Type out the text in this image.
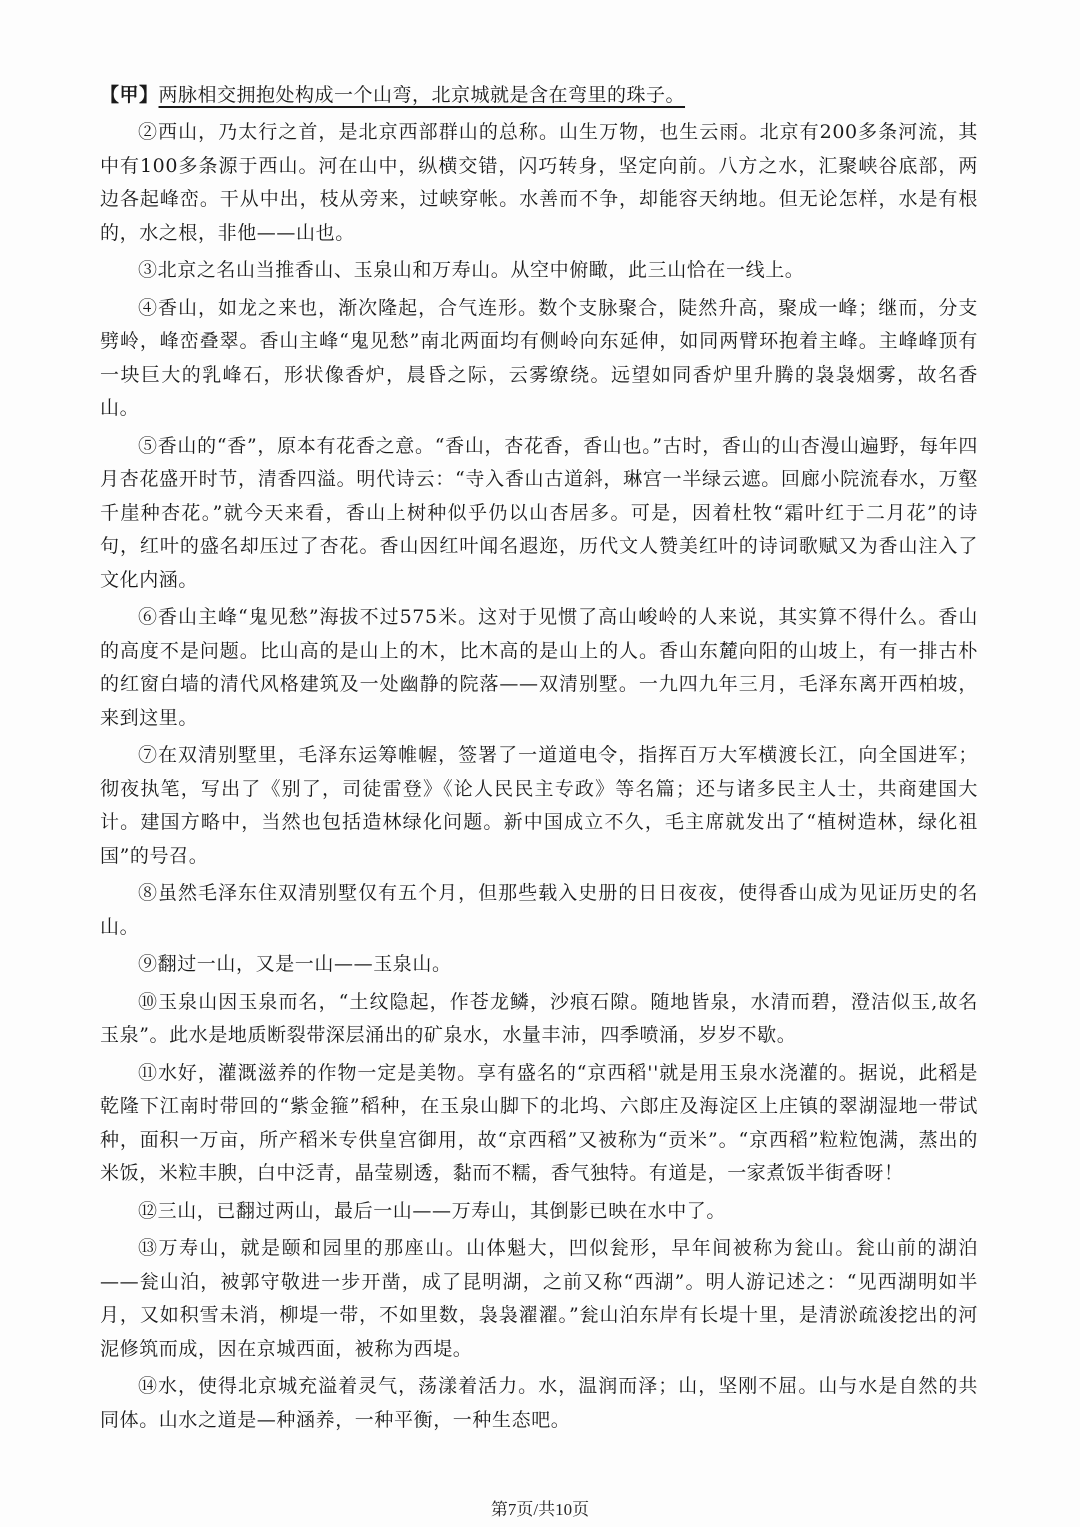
【甲】两脉相交拥抱处构成一个山弯，北京城就是含在弯里的珠子。

②西山，乃太行之首，是北京西部群山的总称。山生万物，也生云雨。北京有200多条河流，其中有100多条源于西山。河在山中，纵横交错，闪巧转身，坚定向前。八方之水，汇聚峡谷底部，两边各起峰峦。干从中出，枝从旁来，过峡穿帐。水善而不争，却能容天纳地。但无论怎样，水是有根的，水之根，非他——山也。

③北京之名山当推香山、玉泉山和万寿山。从空中俯瞰，此三山恰在一线上。

④香山，如龙之来也，渐次隆起，合气连形。数个支脉聚合，陡然升高，聚成一峰；继而，分支劈岭，峰峦叠翠。香山主峰“鬼见愁”南北两面均有侧岭向东延伸，如同两臂环抱着主峰。主峰峰顶有一块巨大的乳峰石，形状像香炉，晨昏之际，云雾缭绕。远望如同香炉里升腾的袅袅烟雾，故名香山。

⑤香山的“香”，原本有花香之意。“香山，杏花香，香山也。”古时，香山的山杏漫山遍野，每年四月杏花盛开时节，清香四溢。明代诗云：“寺入香山古道斜，琳宫一半绿云遮。回廊小院流春水，万壑千崖种杏花。”就今天来看，香山上树种似乎仍以山杏居多。可是，因着杜牧“霜叶红于二月花”的诗句，红叶的盛名却压过了杏花。香山因红叶闻名遐迩，历代文人赞美红叶的诗词歌赋又为香山注入了文化内涵。

⑥香山主峰“鬼见愁”海拔不过575米。这对于见惯了高山峻岭的人来说，其实算不得什么。香山的高度不是问题。比山高的是山上的木，比木高的是山上的人。香山东麓向阳的山坡上，有一排古朴的红窗白墙的清代风格建筑及一处幽静的院落——双清别墅。一九四九年三月，毛泽东离开西柏坡，来到这里。

⑦在双清别墅里，毛泽东运筹帷幄，签署了一道道电令，指挥百万大军横渡长江，向全国进军；彻夜执笔，写出了《别了，司徒雷登》《论人民民主专政》等名篇；还与诸多民主人士，共商建国大计。建国方略中，当然也包括造林绿化问题。新中国成立不久，毛主席就发出了“植树造林，绿化祖国”的号召。

⑧虽然毛泽东住双清别墅仅有五个月，但那些载入史册的日日夜夜，使得香山成为见证历史的名山。

⑨翻过一山，又是一山——玉泉山。

⑩玉泉山因玉泉而名，“土纹隐起，作苍龙鳞，沙痕石隙。随地皆泉，水清而碧，澄洁似玉,故名玉泉”。此水是地质断裂带深层涌出的矿泉水，水量丰沛，四季喷涌，岁岁不歇。

⑪水好，灌溉滋养的作物一定是美物。享有盛名的“京西稻''就是用玉泉水浇灌的。据说，此稻是乾隆下江南时带回的“紫金箍”稻种，在玉泉山脚下的北坞、六郎庄及海淀区上庄镇的翠湖湿地一带试种，面积一万亩，所产稻米专供皇宫御用，故“京西稻”又被称为“贡米”。“京西稻”粒粒饱满，蒸出的米饭，米粒丰腴，白中泛青，晶莹剔透，黏而不糯，香气独特。有道是，一家煮饭半街香呀！

⑫三山，已翻过两山，最后一山——万寿山，其倒影已映在水中了。

⑬万寿山，就是颐和园里的那座山。山体魁大，凹似瓮形，早年间被称为瓮山。瓮山前的湖泊——瓮山泊，被郭守敬进一步开凿，成了昆明湖，之前又称“西湖”。明人游记述之：“见西湖明如半月，又如积雪未消，柳堤一带，不如里数，袅袅濯濯。”瓮山泊东岸有长堤十里，是清淤疏浚挖出的河泥修筑而成，因在京城西面，被称为西堤。

⑭水，使得北京城充溢着灵气，荡漾着活力。水，温润而泽；山，坚刚不屈。山与水是自然的共同体。山水之道是—种涵养，一种平衡，一种生态吧。

第7页/共10页
